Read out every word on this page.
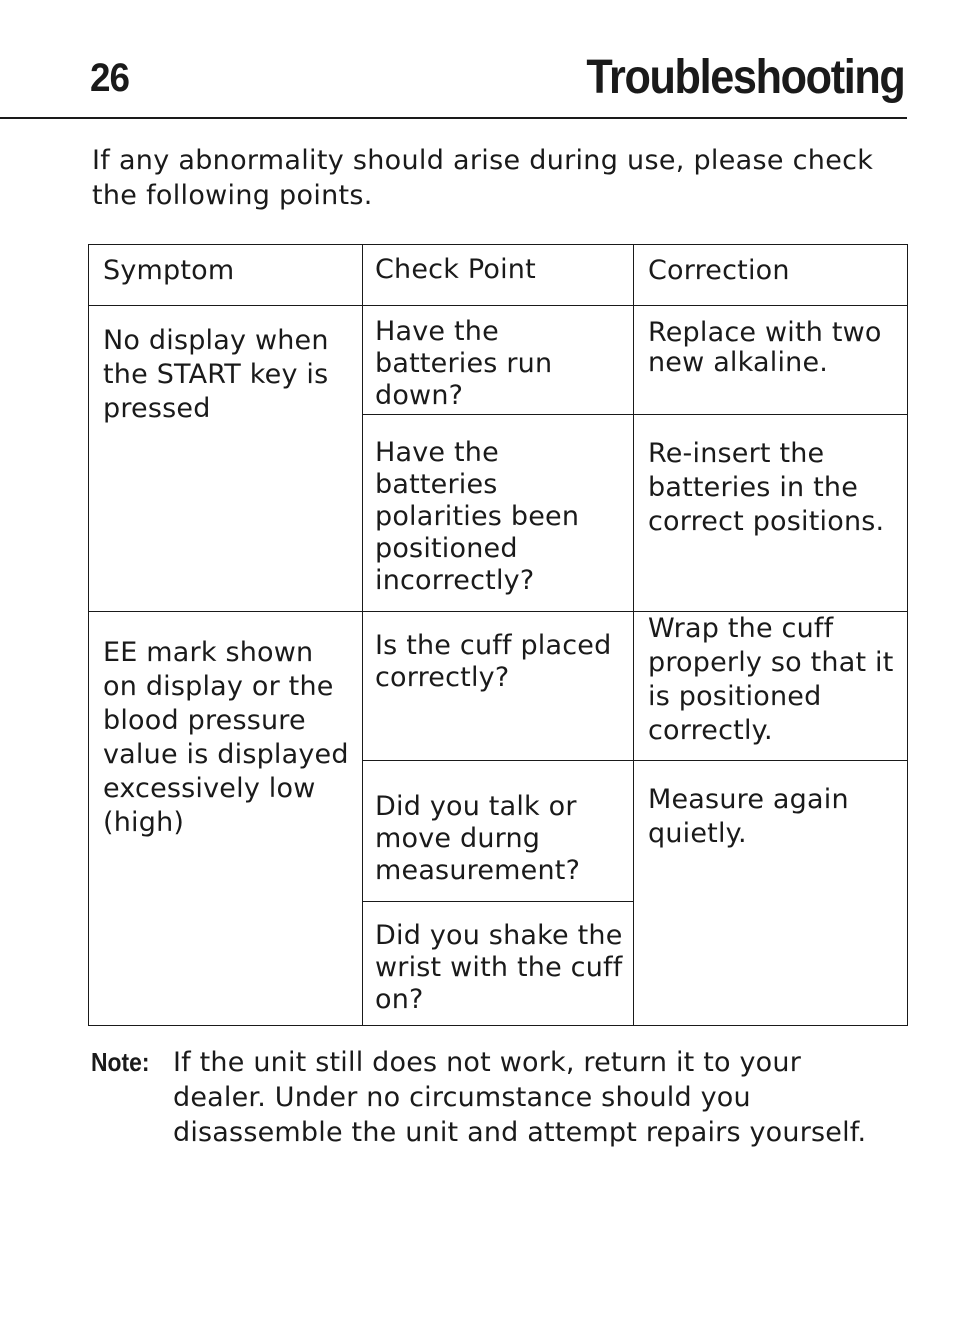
26	Troubleshooting
If any abnormality should arise during use, please check the following points.
Symptom	Check Point	Correction
No display when the START key is pressed	Have the batteries run down?	Replace with two new alkaline.
	Have the batteries polarities been positioned incorrectly?	Re-insert the batteries in the correct positions.
EE mark shown on display or the blood pressure value is displayed excessively low (high)	Is the cuff placed correctly?	Wrap the cuff properly so that it is positioned correctly.
	Did you talk or move durng measurement?	Measure again quietly.
	Did you shake the wrist with the cuff on?	
Note: If the unit still does not work, return it to your dealer. Under no circumstance should you disassemble the unit and attempt repairs yourself.
